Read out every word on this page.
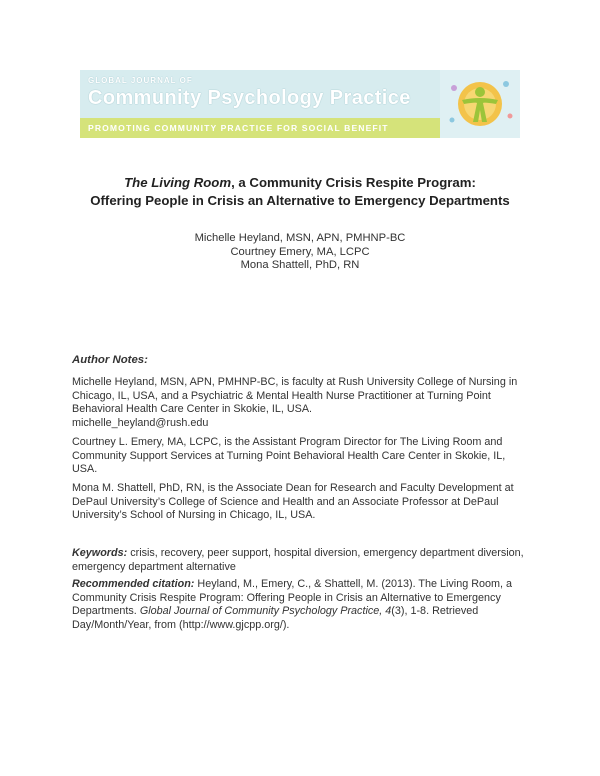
GLOBAL JOURNAL OF
Community Psychology Practice
PROMOTING COMMUNITY PRACTICE FOR SOCIAL BENEFIT
The Living Room, a Community Crisis Respite Program:
Offering People in Crisis an Alternative to Emergency Departments
Michelle Heyland, MSN, APN, PMHNP-BC
Courtney Emery, MA, LCPC
Mona Shattell, PhD, RN
Author Notes:
Michelle Heyland, MSN, APN, PMHNP-BC, is faculty at Rush University College of Nursing in Chicago, IL, USA, and a Psychiatric & Mental Health Nurse Practitioner at Turning Point Behavioral Health Care Center in Skokie, IL, USA.
michelle_heyland@rush.edu
Courtney L. Emery, MA, LCPC, is the Assistant Program Director for The Living Room and Community Support Services at Turning Point Behavioral Health Care Center in Skokie, IL, USA.
Mona M. Shattell, PhD, RN, is the Associate Dean for Research and Faculty Development at DePaul University’s College of Science and Health and an Associate Professor at DePaul University’s School of Nursing in Chicago, IL, USA.
Keywords: crisis, recovery, peer support, hospital diversion, emergency department diversion, emergency department alternative
Recommended citation: Heyland, M., Emery, C., & Shattell, M. (2013). The Living Room, a Community Crisis Respite Program: Offering People in Crisis an Alternative to Emergency Departments. Global Journal of Community Psychology Practice, 4(3), 1-8. Retrieved Day/Month/Year, from (http://www.gjcpp.org/).
